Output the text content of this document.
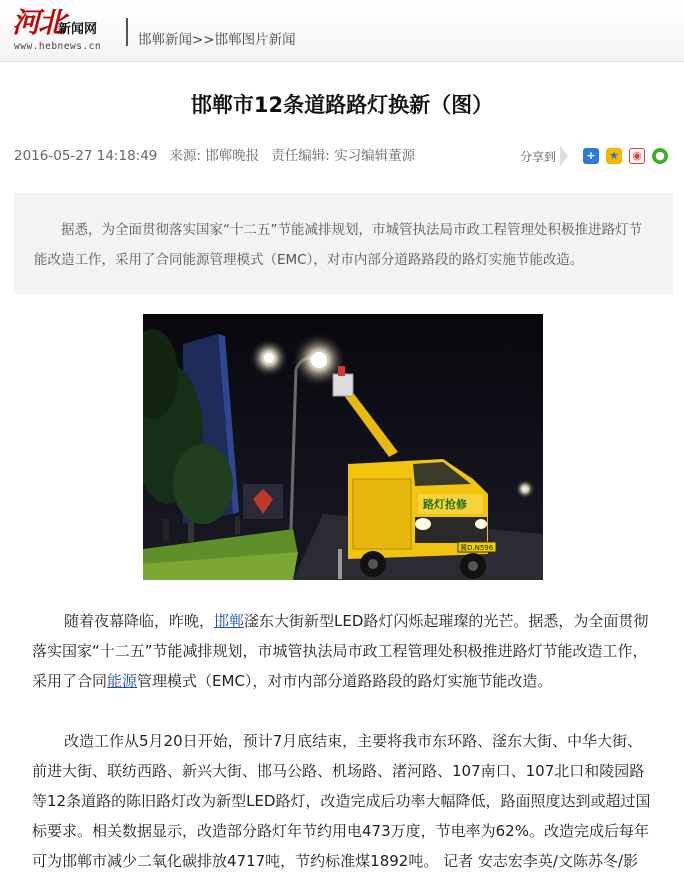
河北
新闻网
www.hebnews.cn	邯郸新闻>>邯郸图片新闻
邯郸市12条道路路灯换新（图）
2016-05-27 14:18:49 来源: 邯郸晚报 责任编辑: 实习编辑董源	分享到	+	★ ◉ ●

据悉，为全面贯彻落实国家“十二五”节能减排规划，市城管执法局市政工程管理处积极推进路灯节能改造工作，采用了合同能源管理模式（EMC），对市内部分道路路段的路灯实施节能改造。

路灯抢修
冀D.N596

随着夜幕降临，昨晚，邯郸滏东大街新型LED路灯闪烁起璀璨的光芒。据悉，为全面贯彻落实国家“十二五”节能减排规划，市城管执法局市政工程管理处积极推进路灯节能改造工作，采用了合同能源管理模式（EMC），对市内部分道路路段的路灯实施节能改造。

改造工作从5月20日开始，预计7月底结束，主要将我市东环路、滏东大街、中华大街、前进大街、联纺西路、新兴大街、邯马公路、机场路、渚河路、107南口、107北口和陵园路等12条道路的陈旧路灯改为新型LED路灯，改造完成后功率大幅降低，路面照度达到或超过国标要求。相关数据显示，改造部分路灯年节约用电473万度，节电率为62%。改造完成后每年可为邯郸市减少二氧化碳排放4717吨，节约标准煤1892吨。 记者 安志宏李英/文陈苏冬/影
